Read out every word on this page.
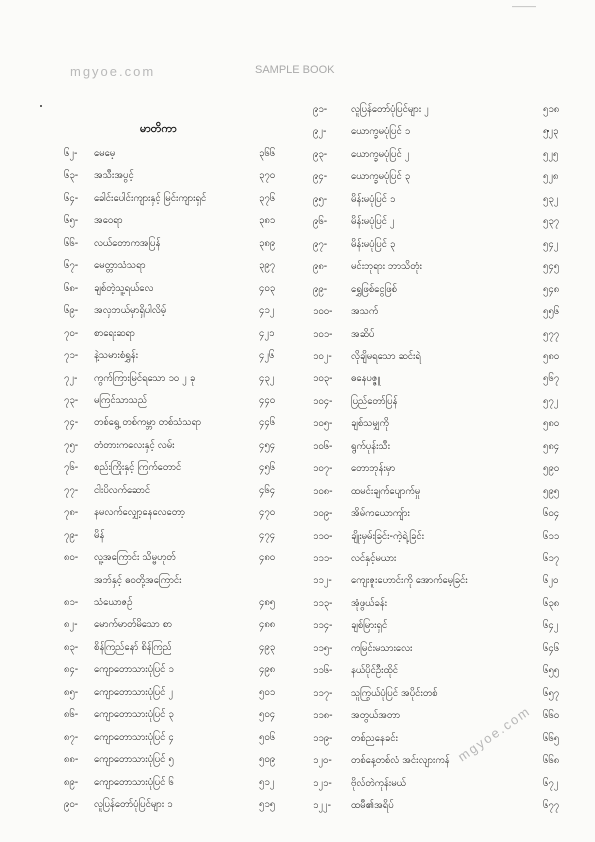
———
mgyoe.com	SAMPLE BOOK
mgyoe.com
မာတိကာ
၆၂- မေမေ့	၃၆၆
၆၃- အသီးအပွင့်	၃၇၀
၆၄- ခေါင်းပေါင်းကျားနှင့် မြင်းကျားရှင်	၃၇၆
၆၅- အဝေရာ	၃၈၁
၆၆- လယ်တောကအပြန်	၃၈၉
၆၇- မေတ္တာသံသရာ	၃၉၇
၆၈- ချစ်တဲ့သူ့ရယ်လေ	၄၀၃
၆၉- အလှဘယ်မှာရှိပါလိမ့်	၄၁၂
၇၀- စာရေးဆရာ	၄၂၁
၇၁- နဲ့သမားစံရွှန်း	၄၂၆
၇၂- ကွက်ကြားမြင်ရသော ၁၀ ၂ ခု	၄၃၂
၇၃- မကြင်သာသည်	၄၄၀
၇၄- တစ်ရွေ့ တစ်ကမ္ဘာ တစ်သံသရာ	၄၄၆
၇၅- တံတားကလေးနှင့် လမ်း	၄၅၄
၇၆- စည်းကြိုးနှင့် ကြက်တောင်	၄၅၆
၇၇- ငါးပိလက်ဆောင်	၄၆၄
၇၈- နမလက်လျှော့နေလေတော့	၄၇၀
၇၉- မိန်	၄၇၄
၈၀- လူ့အကြောင်း သိမ္ဗဟုတ်	၄၈၀
အဘ်နှင့် ဓဝတို့အကြောင်း
၈၁- သံယောဇဉ်	၄၈၅
၈၂- မောက်မာတ်မိသော စာ	၄၈၈
၈၃- စိန်ကြည်နော် စိန်ကြည်	၄၉၃
၈၄- ကျောတောသားပုံပြင် ၁	၄၉၈
၈၅- ကျောတောသားပုံပြင် ၂	၅၀၁
၈၆- ကျောတောသားပုံပြင် ၃	၅၀၄
၈၇- ကျောတောသားပုံပြင် ၄	၅၀၆
၈၈- ကျောတောသားပုံပြင် ၅	၅၀၉
၈၉- ကျောတောသားပုံပြင် ၆	၅၁၂
၉၀- လူပြန်တော်ပုံပြင်များ ၁	၅၁၅
၉၁-	လူပြန်တော်ပုံပြင်များ ၂	၅၁၈
၉၂-	ယောက္ခမပုံပြင် ၁	၅၂၃
၉၃-	ယောက္ခမပုံပြင် ၂	၅၂၅
၉၄-	ယောက္ခမပုံပြင် ၃	၅၂၈
၉၅-	မိန်းမပုံပြင် ၁	၅၃၂
၉၆-	မိန်းမပုံပြင် ၂	၅၃၇
၉၇-	မိန်းမပုံပြင် ၃	၅၄၂
၉၈-	မင်းဘုရား ဘာသိတုံး	၅၄၅
၉၉-	ရွှေဖြစ်ငွေဖြစ်	၅၄၈
၁၀၀- အသက်	၅၅၆
၁၀၁- အဆိပ်	၅၇၇
၁၀၂- လိုချိမရသော ဆင်းရဲ	၅၈၀
၁၀၃- ဓနေပဇ္ဇူ	၅၆၇
၁၀၄- ပြည်တော်ပြန်	၅၇၂
၁၀၅- ချစ်သမျှကို	၅၈၀
၁၀၆- ရွက်ပုန်းသီး	၅၈၄
၁၀၇- တောဘုန်းမှာ	၅၉၀
၁၀၈- ထမင်းချက်ပျောက်မှု	၅၉၅
၁၀၉- အိမ်ကယောကျ်ား	၆၀၄
၁၁၀- ချိုးမှမ်းခြင်း-ကဲ့ရဲ့ခြင်း	၆၁၁
၁၁၁- လင်နှင့်မယား	၆၁၇
၁၁၂- ကျေးဇူးဟောင်းကို အောက်မေ့ခြင်း	၆၂၀
၁၁၃- အုံဖွယ်ခန်း	၆၃၈
၁၁၄- ချစ်မြားရှင်	၆၄၂
၁၁၅- ကမြင်းမသားလေး	၆၄၆
၁၁၆- နယ်ပိုင်ဦးထိုင်	၆၅၅
၁၁၇- သူကြွယ်ပုံပြင် အပိုင်းတစ်	၆၅၇
၁၁၈- အတွယ်အတာ	၆၆၀
၁၁၉- တစ်ညနေခင်း	၆၆၅
၁၂၀- တစ်နေ့တစ်လံ အင်းလျားကန်	၆၆၈
၁၂၁- ဗိုလ်တဲကုန်းမယ်	၆၇၂
၁၂၂- ထမီ၏အရိပ်	၆၇၇
